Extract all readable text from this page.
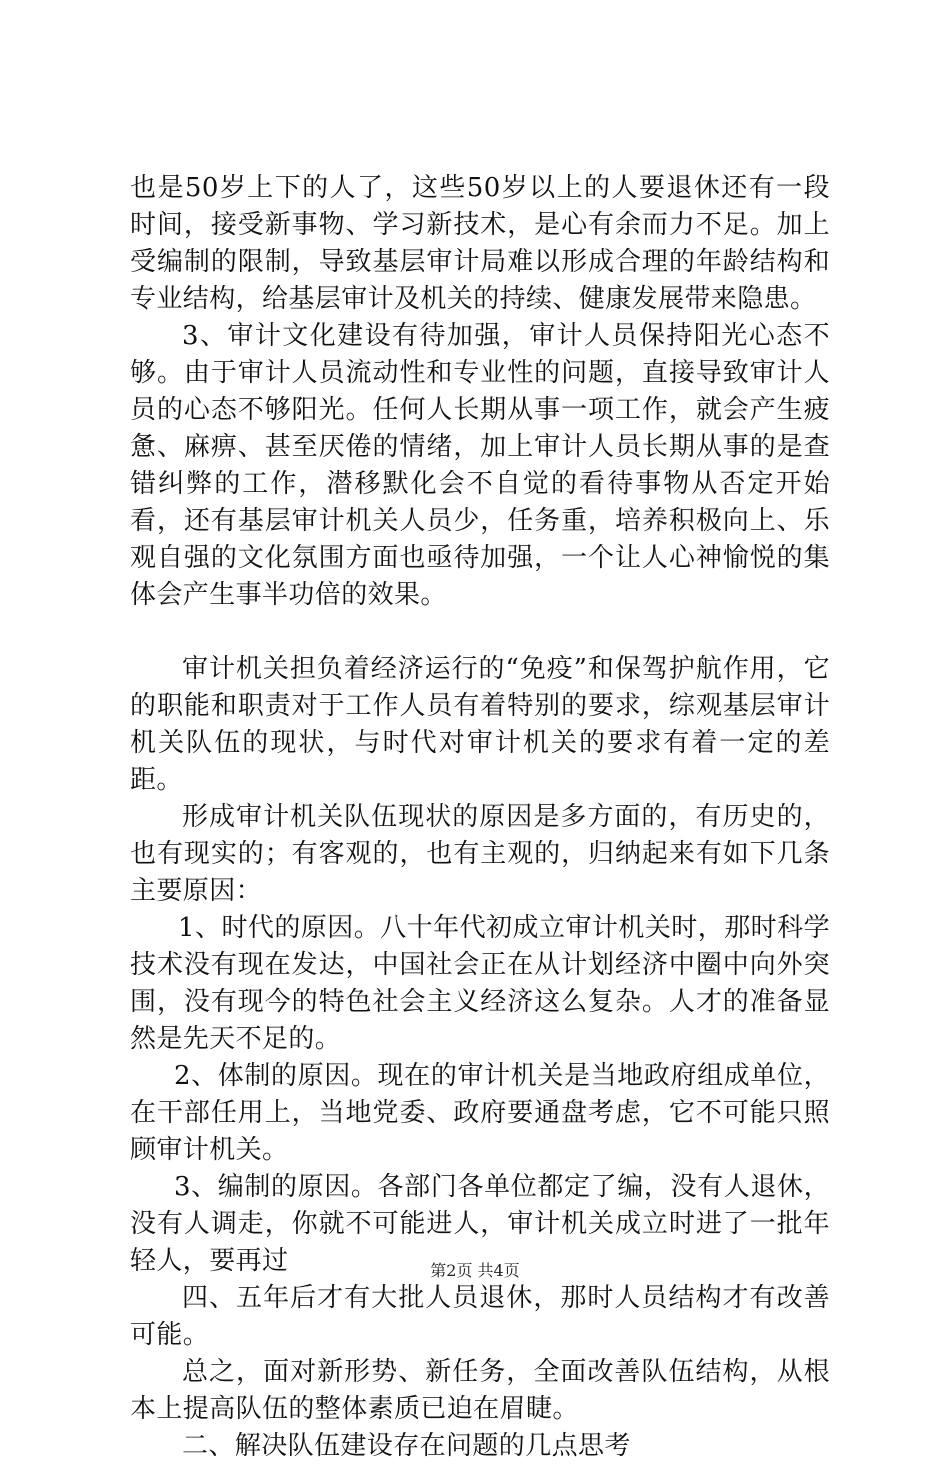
也是50岁上下的人了，这些50岁以上的人要退休还有一段时间，接受新事物、学习新技术，是心有余而力不足。加上受编制的限制，导致基层审计局难以形成合理的年龄结构和专业结构，给基层审计及机关的持续、健康发展带来隐患。

3、审计文化建设有待加强，审计人员保持阳光心态不够。由于审计人员流动性和专业性的问题，直接导致审计人员的心态不够阳光。任何人长期从事一项工作，就会产生疲惫、麻痹、甚至厌倦的情绪，加上审计人员长期从事的是查错纠弊的工作，潜移默化会不自觉的看待事物从否定开始看，还有基层审计机关人员少，任务重，培养积极向上、乐观自强的文化氛围方面也亟待加强，一个让人心神愉悦的集体会产生事半功倍的效果。

审计机关担负着经济运行的“免疫”和保驾护航作用，它的职能和职责对于工作人员有着特别的要求，综观基层审计机关队伍的现状，与时代对审计机关的要求有着一定的差距。

形成审计机关队伍现状的原因是多方面的，有历史的，也有现实的；有客观的，也有主观的，归纳起来有如下几条主要原因：

1、时代的原因。八十年代初成立审计机关时，那时科学技术没有现在发达，中国社会正在从计划经济中圈中向外突围，没有现今的特色社会主义经济这么复杂。人才的准备显然是先天不足的。

2、体制的原因。现在的审计机关是当地政府组成单位，在干部任用上，当地党委、政府要通盘考虑，它不可能只照顾审计机关。

3、编制的原因。各部门各单位都定了编，没有人退休，没有人调走，你就不可能进人，审计机关成立时进了一批年轻人，要再过

四、五年后才有大批人员退休，那时人员结构才有改善可能。

总之，面对新形势、新任务，全面改善队伍结构，从根本上提高队伍的整体素质已迫在眉睫。

二、解决队伍建设存在问题的几点思考

第2页 共4页
